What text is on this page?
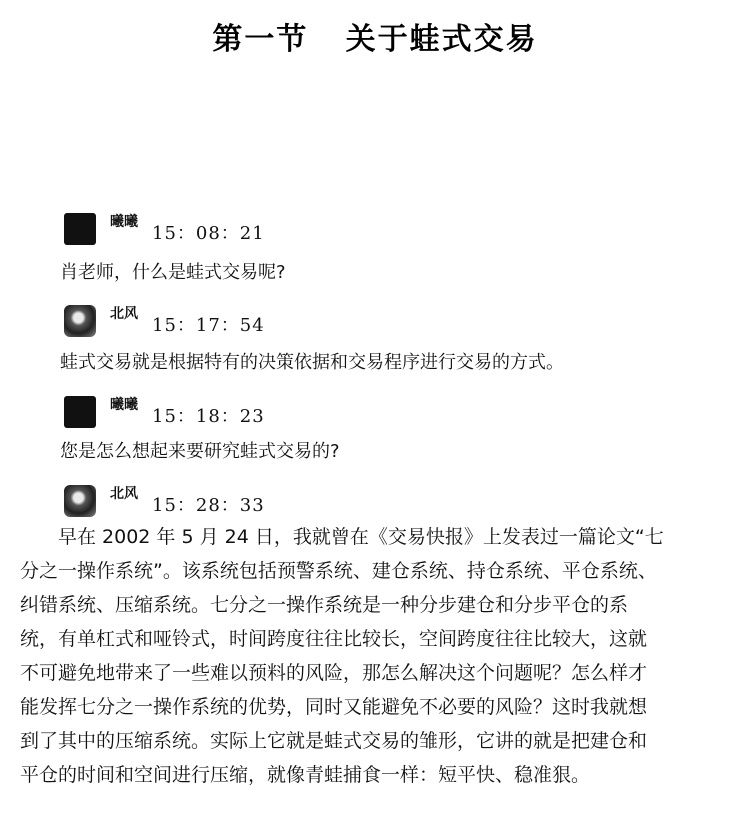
第一节   关于蛙式交易
曦曦
15：08：21
肖老师，什么是蛙式交易呢?
北风
15：17：54
蛙式交易就是根据特有的决策依据和交易程序进行交易的方式。
曦曦
15：18：23
您是怎么想起来要研究蛙式交易的?
北风
15：28：33

早在 2002 年 5 月 24 日，我就曾在《交易快报》上发表过一篇论文“七
分之一操作系统”。该系统包括预警系统、建仓系统、持仓系统、平仓系统、
纠错系统、压缩系统。七分之一操作系统是一种分步建仓和分步平仓的系
统，有单杠式和哑铃式，时间跨度往往比较长，空间跨度往往比较大，这就
不可避免地带来了一些难以预料的风险，那怎么解决这个问题呢？怎么样才
能发挥七分之一操作系统的优势，同时又能避免不必要的风险？这时我就想
到了其中的压缩系统。实际上它就是蛙式交易的雏形，它讲的就是把建仓和
平仓的时间和空间进行压缩，就像青蛙捕食一样：短平快、稳准狠。
